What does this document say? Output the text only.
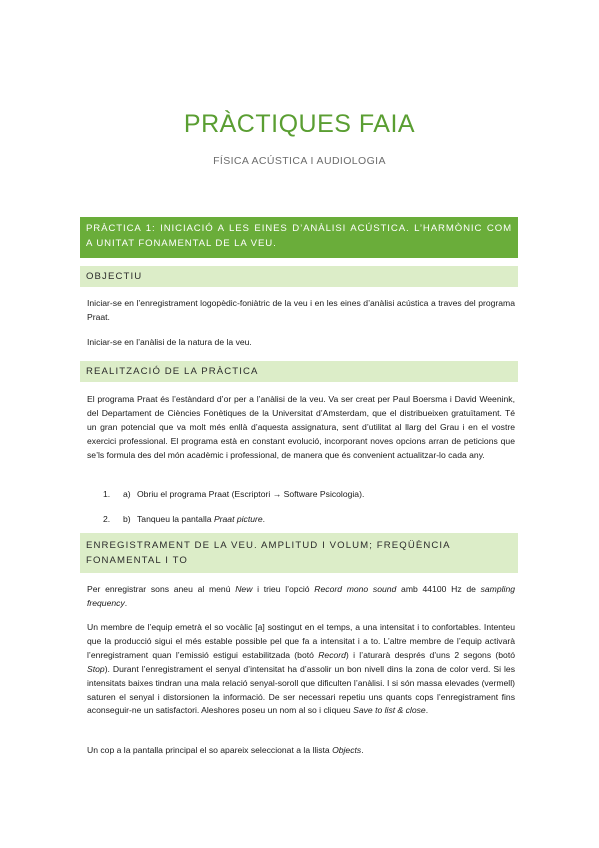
PRÀCTIQUES FAIA
FÍSICA ACÚSTICA I AUDIOLOGIA
PRÀCTICA 1: INICIACIÓ A LES EINES D’ANÀLISI ACÚSTICA. L’HARMÒNIC COM A UNITAT FONAMENTAL DE LA VEU.
OBJECTIU

Iniciar-se en l’enregistrament logopèdic-foniàtric de la veu i en les eines d’anàlisi acústica a traves del programa Praat.

Iniciar-se en l’anàlisi de la natura de la veu.

REALITZACIÓ DE LA PRÀCTICA

El programa Praat és l’estàndard d’or per a l’anàlisi de la veu. Va ser creat per Paul Boersma i David Weenink, del Departament de Ciències Fonètiques de la Universitat d’Amsterdam, que el distribueixen gratuïtament. Té un gran potencial que va molt més enllà d’aquesta assignatura, sent d’utilitat al llarg del Grau i en el vostre exercici professional. El programa està en constant evolució, incorporant noves opcions arran de peticions que se’ls formula des del món acadèmic i professional, de manera que és convenient actualitzar-lo cada any.

1. a) Obriu el programa Praat (Escriptori → Software Psicologia).
2. b) Tanqueu la pantalla Praat picture.
ENREGISTRAMENT DE LA VEU. AMPLITUD I VOLUM; FREQÜÈNCIA FONAMENTAL I TO

Per enregistrar sons aneu al menú New i trieu l’opció Record mono sound amb 44100 Hz de sampling frequency.

Un membre de l’equip emetrà el so vocàlic [a] sostingut en el temps, a una intensitat i to confortables. Intenteu que la producció sigui el més estable possible pel que fa a intensitat i a to. L’altre membre de l’equip activarà l’enregistrament quan l’emissió estigui estabilitzada (botó Record) i l’aturarà després d’uns 2 segons (botó Stop). Durant l’enregistrament el senyal d’intensitat ha d’assolir un bon nivell dins la zona de color verd. Si les intensitats baixes tindran una mala relació senyal-soroll que dificulten l’anàlisi. I si són massa elevades (vermell) saturen el senyal i distorsionen la informació. De ser necessari repetiu uns quants cops l’enregistrament fins aconseguir-ne un satisfactori. Aleshores poseu un nom al so i cliqueu Save to list & close.

Un cop a la pantalla principal el so apareix seleccionat a la llista Objects.
